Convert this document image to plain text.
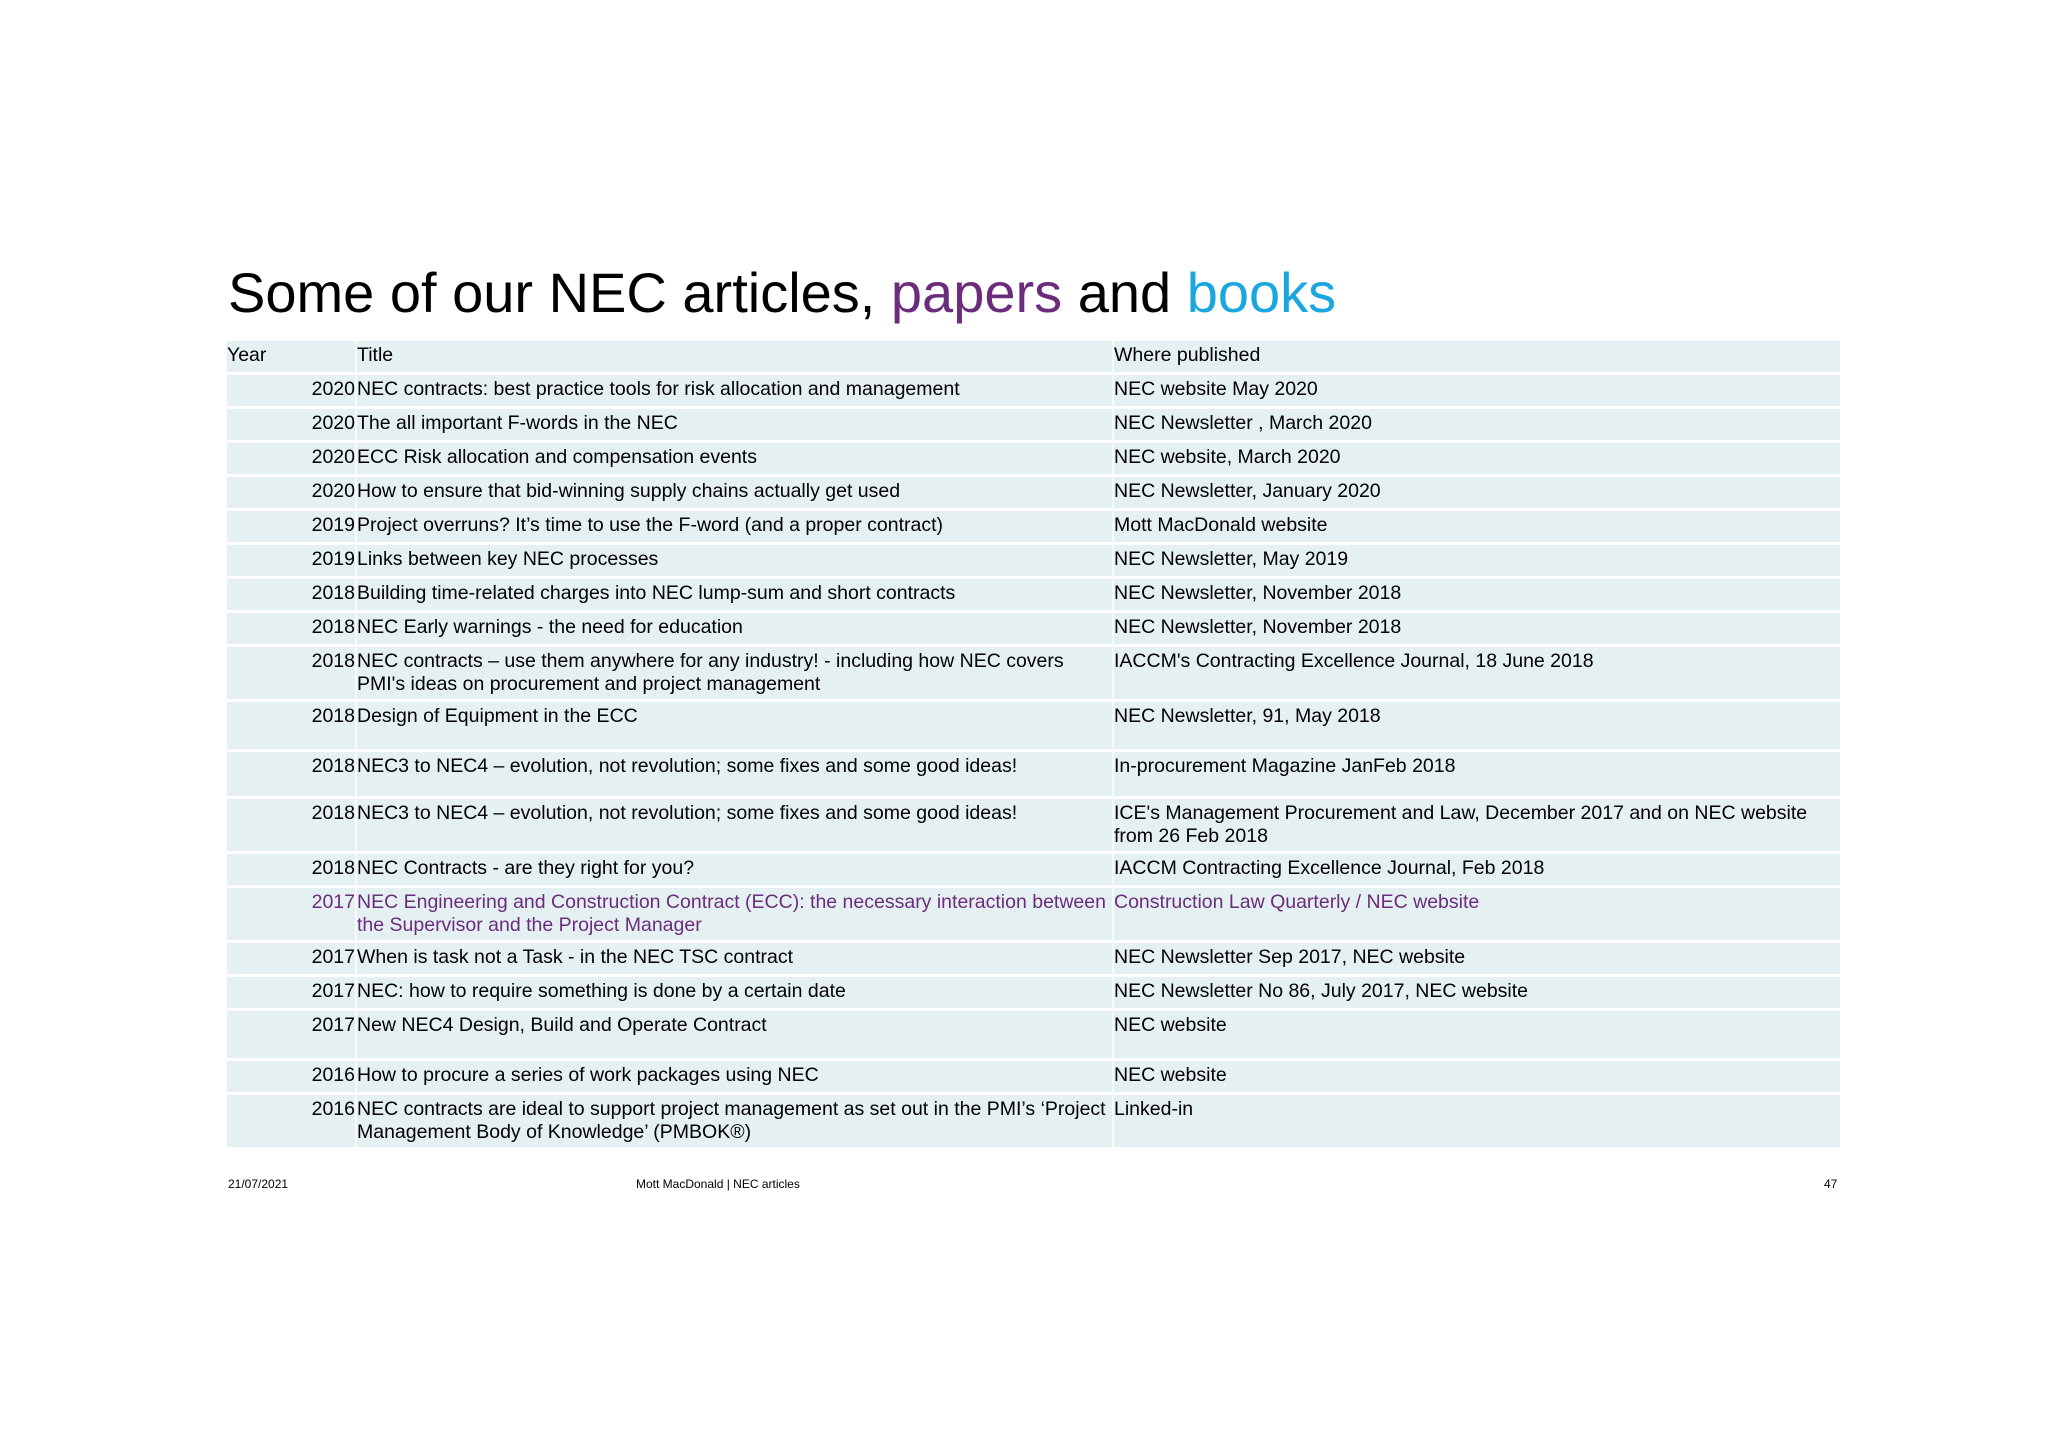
Some of our NEC articles, papers and books
Year	Title	Where published
2020	NEC contracts: best practice tools for risk allocation and management	NEC website May 2020
2020	The all important F-words in the NEC	NEC Newsletter , March 2020
2020	ECC Risk allocation and compensation events	NEC website, March 2020
2020	How to ensure that bid-winning supply chains actually get used	NEC Newsletter, January 2020
2019	Project overruns? It’s time to use the F-word (and a proper contract)	Mott MacDonald website
2019	Links between key NEC processes	NEC Newsletter, May 2019
2018	Building time-related charges into NEC lump-sum and short contracts	NEC Newsletter, November 2018
2018	NEC Early warnings - the need for education	NEC Newsletter, November 2018
2018	NEC contracts – use them anywhere for any industry! - including how NEC covers PMI's ideas on procurement and project management	IACCM's Contracting Excellence Journal, 18 June 2018
2018	Design of Equipment in the ECC	NEC Newsletter, 91, May 2018
2018	NEC3 to NEC4 – evolution, not revolution; some fixes and some good ideas!	In-procurement Magazine JanFeb 2018
2018	NEC3 to NEC4 – evolution, not revolution; some fixes and some good ideas!	ICE's Management Procurement and Law, December 2017 and on NEC website from 26 Feb 2018
2018	NEC Contracts - are they right for you?	IACCM Contracting Excellence Journal, Feb 2018
2017	NEC Engineering and Construction Contract (ECC): the necessary interaction between the Supervisor and the Project Manager	Construction Law Quarterly / NEC website
2017	When is task not a Task - in the NEC TSC contract	NEC Newsletter Sep 2017, NEC website
2017	NEC: how to require something is done by a certain date	NEC Newsletter No 86, July 2017, NEC website
2017	New NEC4 Design, Build and Operate Contract	NEC website
2016	How to procure a series of work packages using NEC	NEC website
2016	NEC contracts are ideal to support project management as set out in the PMI’s ‘Project Management Body of Knowledge’ (PMBOK®)	Linked-in
21/07/2021	Mott MacDonald | NEC articles	47
